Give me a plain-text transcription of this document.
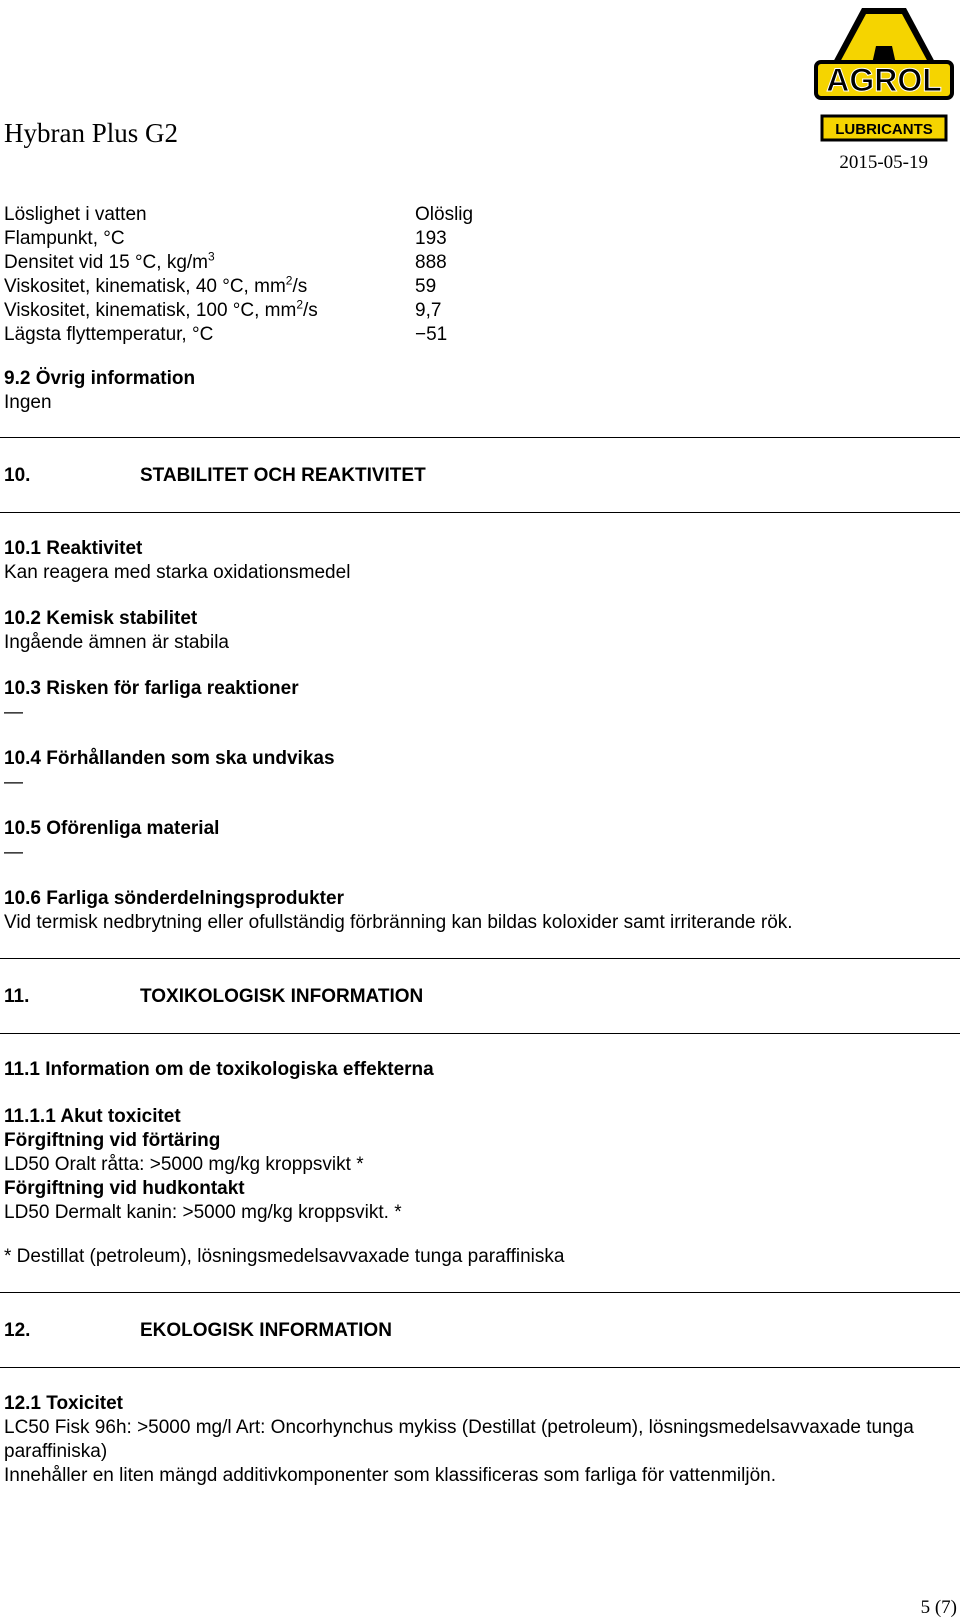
Hybran Plus G2
2015-05-19
AGROL
LUBRICANTS
Löslighet i vatten	Olöslig
Flampunkt, °C	193
Densitet vid 15 °C, $kg/m^3$	888
Viskositet, kinematisk, 40 °C, $mm^2/s$	59
Viskositet, kinematisk, 100 °C, $mm^2/s$	9,7
Lägsta flyttemperatur, °C	−51
9.2 Övrig information
Ingen
10.	STABILITET OCH REAKTIVITET
10.1 Reaktivitet
Kan reagera med starka oxidationsmedel
10.2 Kemisk stabilitet
Ingående ämnen är stabila
10.3 Risken för farliga reaktioner
—
10.4 Förhållanden som ska undvikas
—
10.5 Oförenliga material
—
10.6 Farliga sönderdelningsprodukter
Vid termisk nedbrytning eller ofullständig förbränning kan bildas koloxider samt irriterande rök.
11.	TOXIKOLOGISK INFORMATION
11.1 Information om de toxikologiska effekterna
11.1.1 Akut toxicitet
Förgiftning vid förtäring
LD50 Oralt råtta: >5000 mg/kg kroppsvikt *
Förgiftning vid hudkontakt
LD50 Dermalt kanin: >5000 mg/kg kroppsvikt. *
* Destillat (petroleum), lösningsmedelsavvaxade tunga paraffiniska
12.	EKOLOGISK INFORMATION
12.1 Toxicitet
LC50 Fisk 96h: >5000 mg/l Art: Oncorhynchus mykiss (Destillat (petroleum), lösningsmedelsavvaxade tunga paraffiniska)
Innehåller en liten mängd additivkomponenter som klassificeras som farliga för vattenmiljön.
5 (7)
